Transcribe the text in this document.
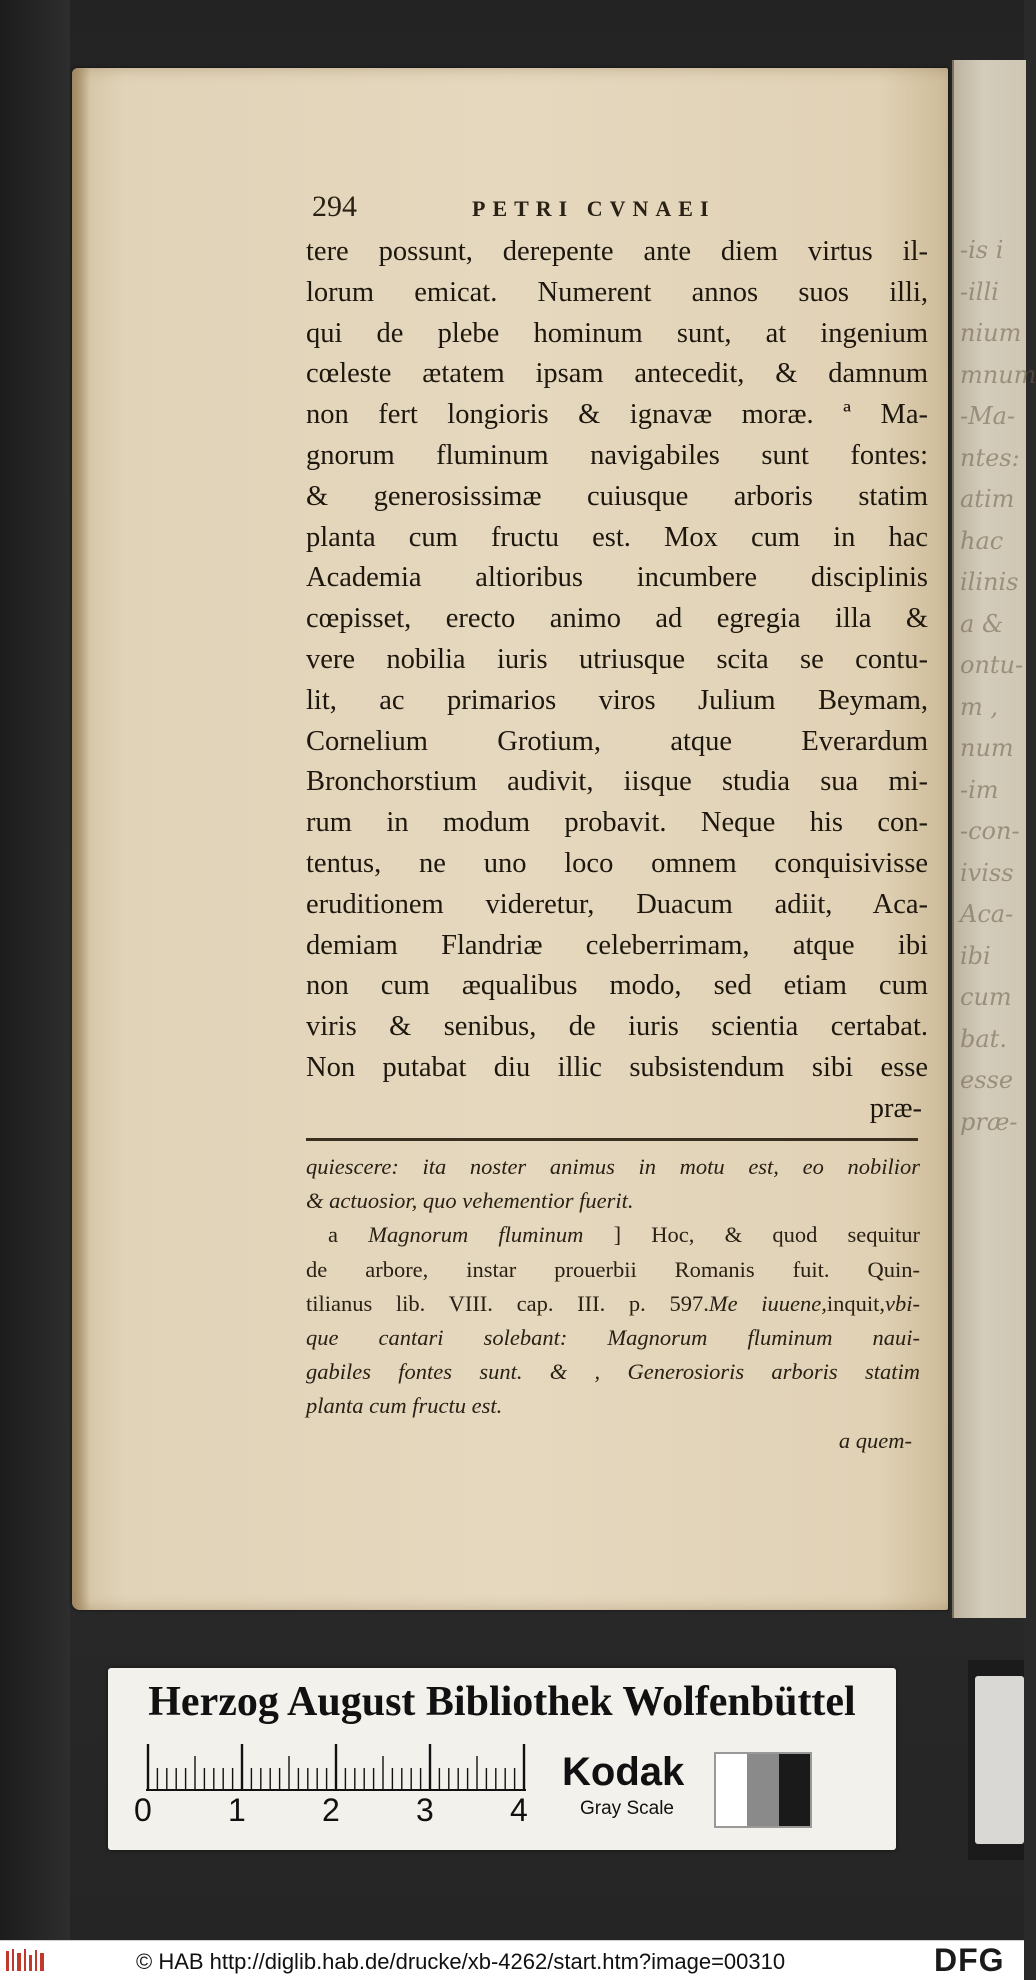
-is i
-illi
nium
mnum
-Ma-
ntes:
atim
hac
ilinis
a &
ontu-
m ,
num
-im
-con-
iviss
Aca-
ibi
cum
bat.
esse
præ-
294	PETRI CVNAEI
tere possunt, derepente ante diem virtus il-
lorum emicat. Numerent annos suos illi,
qui de plebe hominum sunt, at ingenium
cœleste ætatem ipsam antecedit, & damnum
non fert longioris & ignavæ moræ. ª Ma-
gnorum fluminum navigabiles sunt fontes:
& generosissimæ cuiusque arboris statim
planta cum fructu est. Mox cum in hac
Academia altioribus incumbere disciplinis
cœpisset, erecto animo ad egregia illa &
vere nobilia iuris utriusque scita se contu-
lit, ac primarios viros Julium Beymam,
Cornelium Grotium, atque Everardum
Bronchorstium audivit, iisque studia sua mi-
rum in modum probavit. Neque his con-
tentus, ne uno loco omnem conquisivisse
eruditionem videretur, Duacum adiit, Aca-
demiam Flandriæ celeberrimam, atque ibi
non cum æqualibus modo, sed etiam cum
viris & senibus, de iuris scientia certabat.
Non putabat diu illic subsistendum sibi esse
præ-
quiescere: ita noster animus in motu est, eo nobilior
& actuosior, quo vehementior fuerit.
a Magnorum fluminum ] Hoc, & quod sequitur
de arbore, instar prouerbii Romanis fuit. Quin-
tilianus lib. VIII. cap. III. p. 597.Me iuuene,inquit,vbi-
que cantari solebant: Magnorum fluminum naui-
gabiles fontes sunt. & , Generosioris arboris statim
planta cum fructu est.
a quem-
Herzog August Bibliothek Wolfenbüttel
0 1 2 3 4
Kodak
Gray Scale
© HAB http://diglib.hab.de/drucke/xb-4262/start.htm?image=00310	DFG
